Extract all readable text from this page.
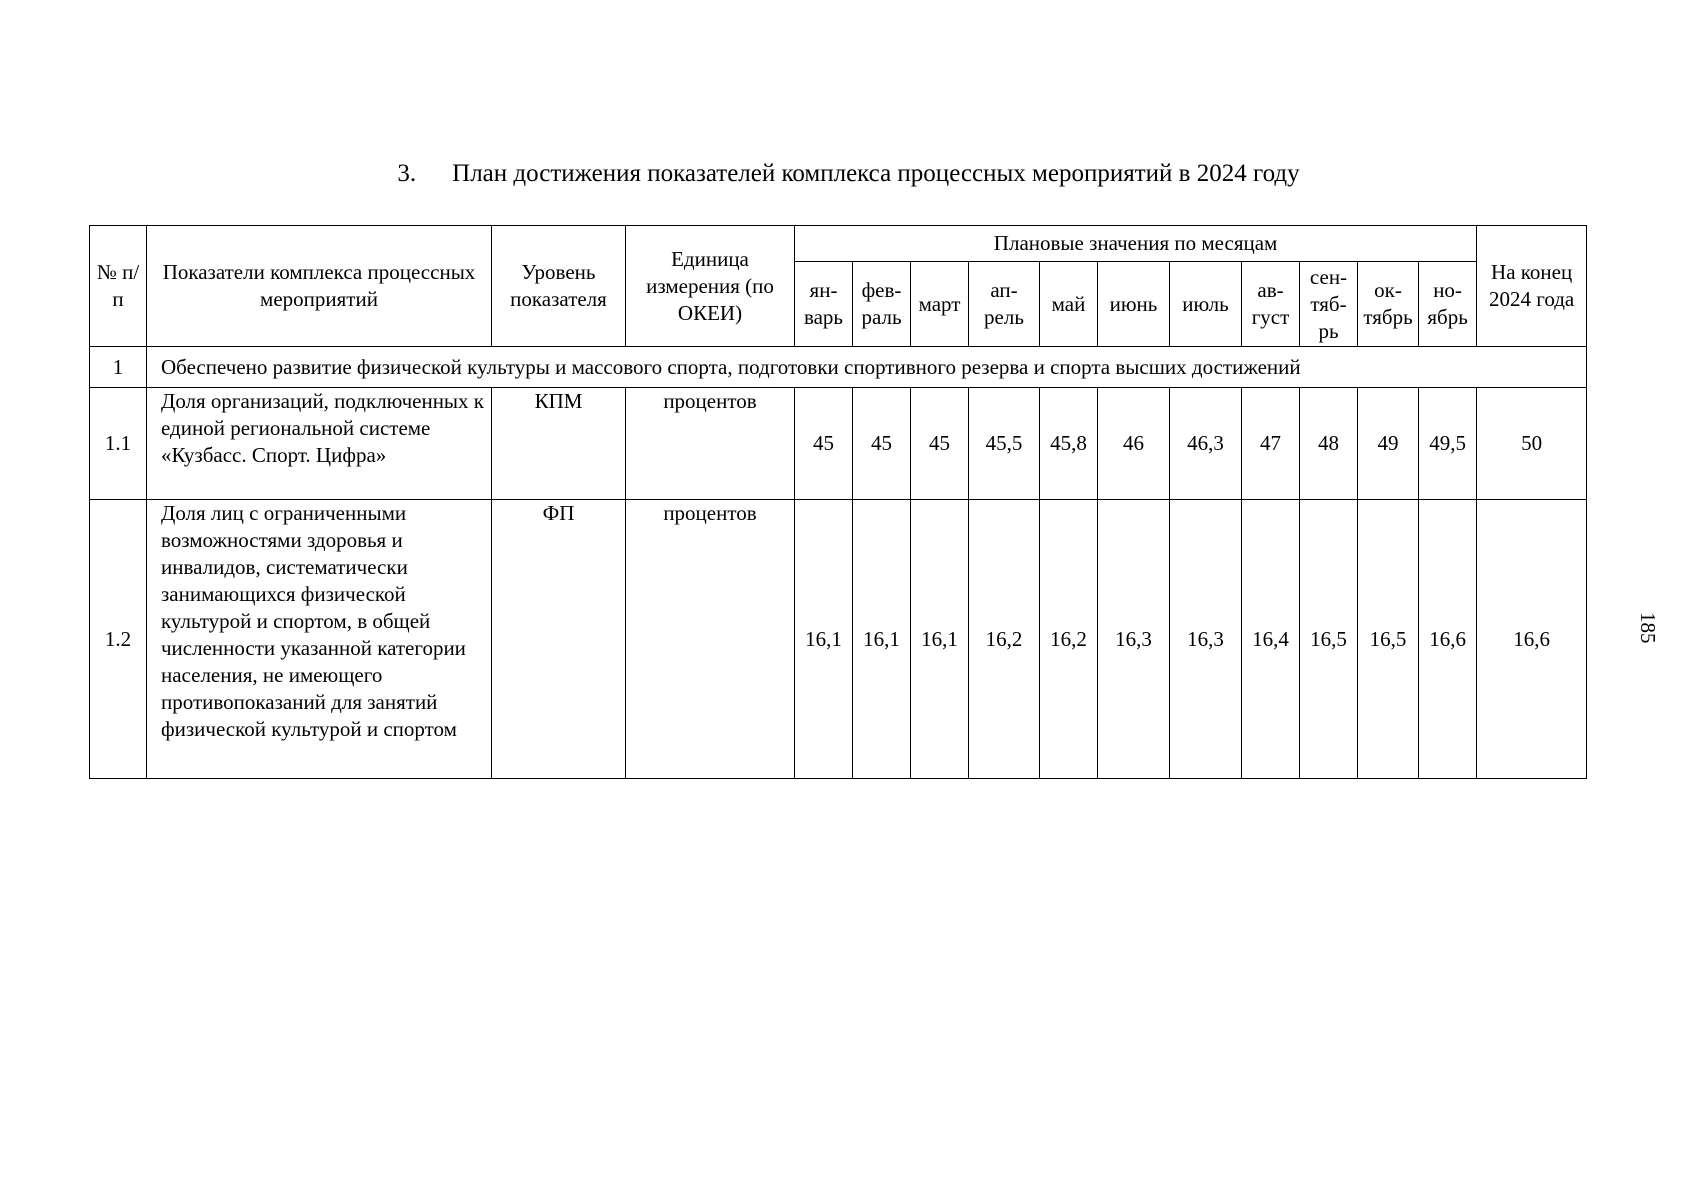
3. План достижения показателей комплекса процессных мероприятий в 2024 году
№ п/п	Показатели комплекса процессных мероприятий	Уровень показателя	Единица измерения (по ОКЕИ)	Плановые значения по месяцам											На конец 2024 года
				ян-варь	фев-раль	март	ап-рель	май	июнь	июль	ав-густ	сен-тяб-рь	ок-тябрь	но-ябрь	
1	Обеспечено развитие физической культуры и массового спорта, подготовки спортивного резерва и спорта высших достижений														
1.1	Доля организаций, подключенных к единой региональной системе «Кузбасс. Спорт. Цифра»	КПМ	процентов	45	45	45	45,5	45,8	46	46,3	47	48	49	49,5	50
1.2	Доля лиц с ограниченными возможностями здоровья и инвалидов, систематически занимающихся физической культурой и спортом, в общей численности указанной категории населения, не имеющего противопоказаний для занятий физической культурой и спортом	ФП	процентов	16,1	16,1	16,1	16,2	16,2	16,3	16,3	16,4	16,5	16,5	16,6	16,6	185
